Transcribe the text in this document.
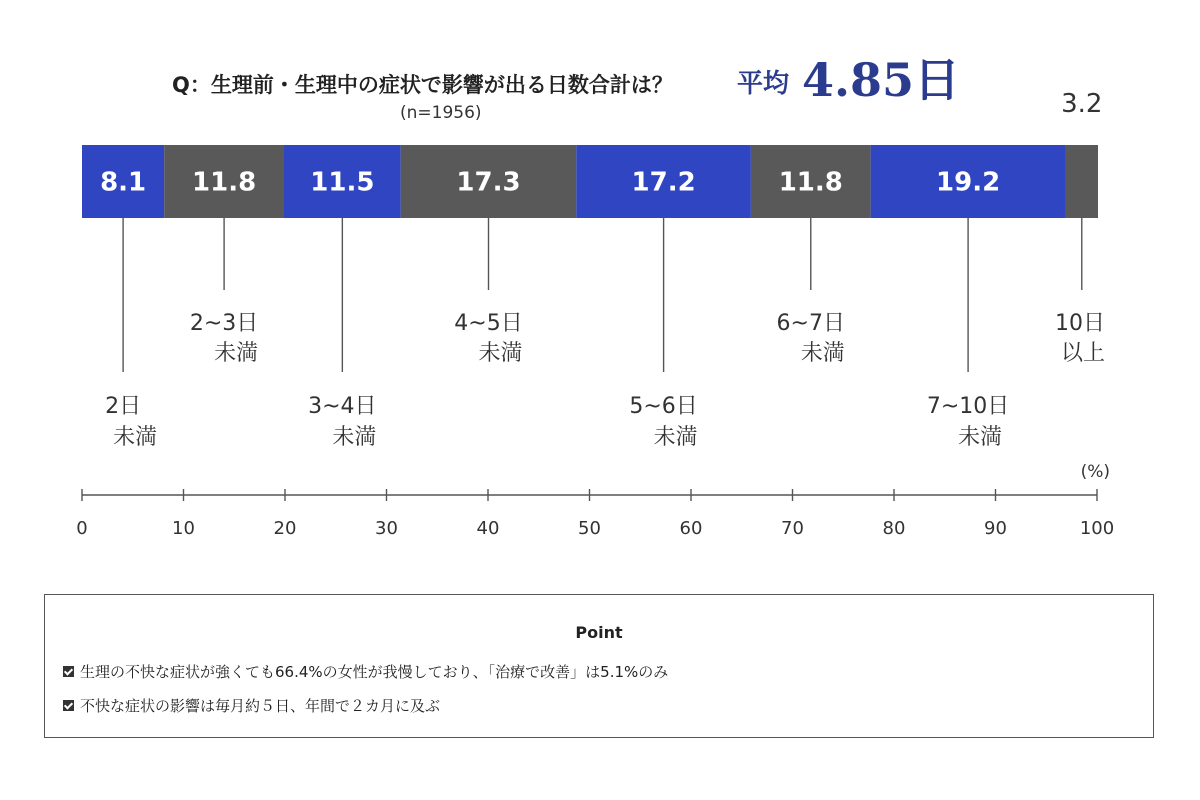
Q：生理前・生理中の症状で影響が出る日数合計は？ 平均 4.85日
(n=1956)
8.1
2日
未満
11.8
2~3日
未満
11.5
3~4日
未満
17.3
4~5日
未満
17.2
5~6日
未満
11.8
6~7日
未満
19.2
7~10日
未満
3.2
10日
以上
0	10	20	30	40	50	60	70	80	90	100
(%)
Point
生理の不快な症状が強くても66.4%の女性が我慢しており、「治療で改善」は5.1%のみ
不快な症状の影響は毎月約５日、年間で２カ月に及ぶ
